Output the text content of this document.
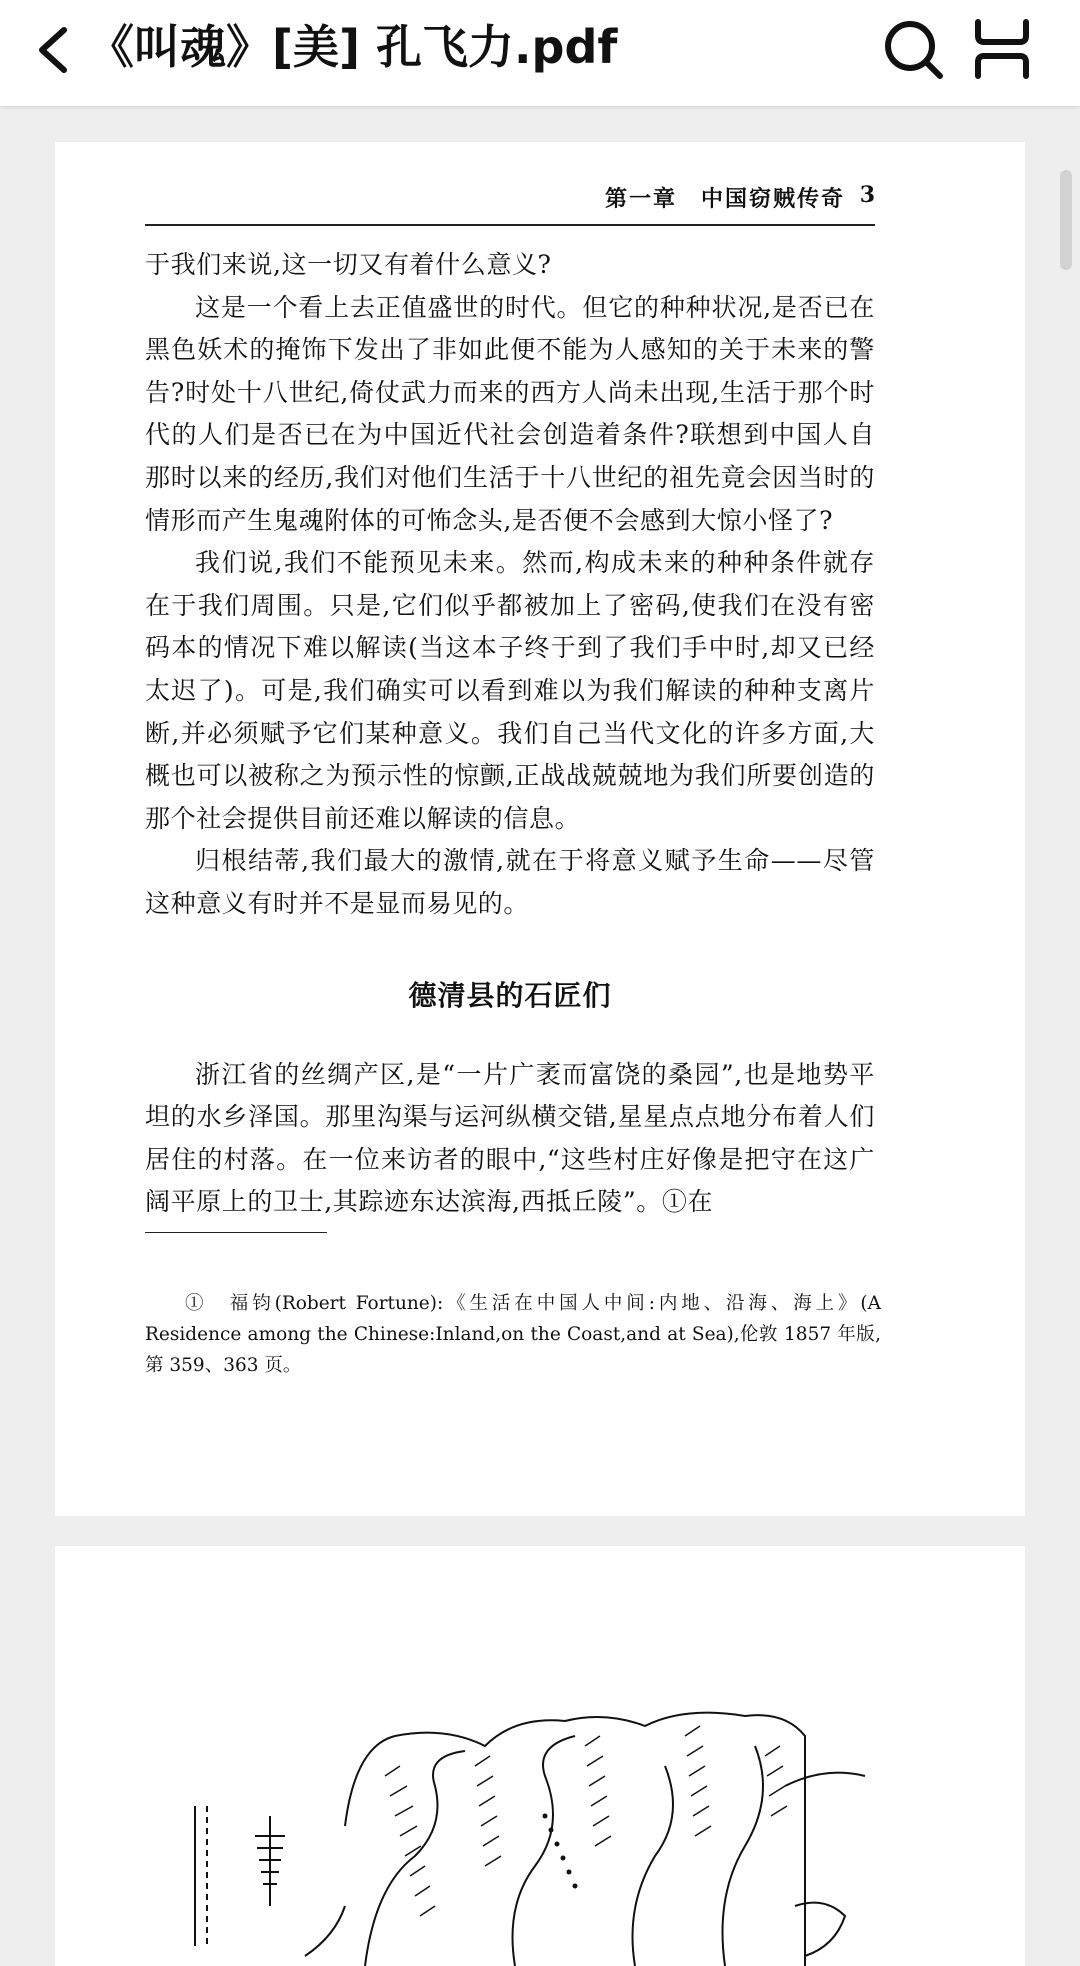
《叫魂》[美] 孔飞力.pdf
第一章　中国窃贼传奇 3

于我们来说,这一切又有着什么意义?

这是一个看上去正值盛世的时代。但它的种种状况,是否已在黑色妖术的掩饰下发出了非如此便不能为人感知的关于未来的警告?时处十八世纪,倚仗武力而来的西方人尚未出现,生活于那个时代的人们是否已在为中国近代社会创造着条件?联想到中国人自那时以来的经历,我们对他们生活于十八世纪的祖先竟会因当时的情形而产生鬼魂附体的可怖念头,是否便不会感到大惊小怪了?

我们说,我们不能预见未来。然而,构成未来的种种条件就存在于我们周围。只是,它们似乎都被加上了密码,使我们在没有密码本的情况下难以解读(当这本子终于到了我们手中时,却又已经太迟了)。可是,我们确实可以看到难以为我们解读的种种支离片断,并必须赋予它们某种意义。我们自己当代文化的许多方面,大概也可以被称之为预示性的惊颤,正战战兢兢地为我们所要创造的那个社会提供目前还难以解读的信息。

归根结蒂,我们最大的激情,就在于将意义赋予生命——尽管这种意义有时并不是显而易见的。

德清县的石匠们

浙江省的丝绸产区,是“一片广袤而富饶的桑园”,也是地势平坦的水乡泽国。那里沟渠与运河纵横交错,星星点点地分布着人们居住的村落。在一位来访者的眼中,“这些村庄好像是把守在这广阔平原上的卫士,其踪迹东达滨海,西抵丘陵”。①在

①　福钧(Robert Fortune):《生活在中国人中间:内地、沿海、海上》(A Residence among the Chinese:Inland,on the Coast,and at Sea),伦敦 1857 年版,第 359、363 页。
